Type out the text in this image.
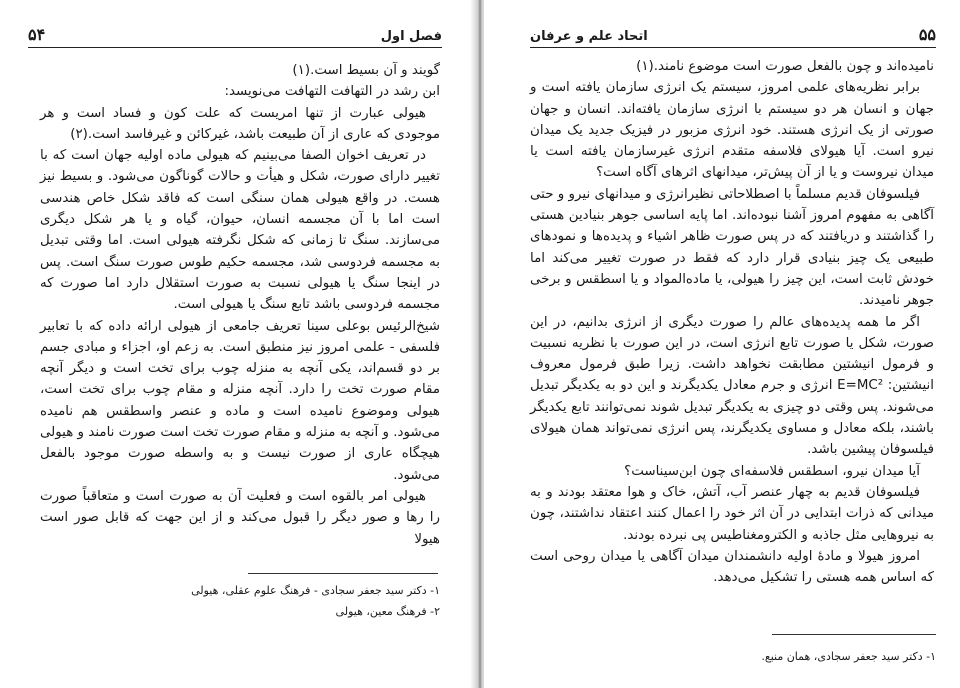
۵۴	فصل اول

گویند و آن بسیط است.(۱)

ابن رشد در التهافت التهافت می‌نویسد:

هیولی عبارت از تنها امریست که علت کون و فساد است و هر موجودی که عاری از آن طبیعت باشد، غیرکائن و غیرفاسد است.(۲)

در تعریف اخوان الصفا می‌بینیم که هیولی ماده اولیه جهان است که با تغییر دارای صورت، شکل و هیأت و حالات گوناگون می‌شود. و بسیط نیز هست. در واقع هیولی همان سنگی است که فاقد شکل خاص هندسی است اما با آن مجسمه انسان، حیوان، گیاه و یا هر شکل دیگری می‌سازند. سنگ تا زمانی که شکل نگرفته هیولی است. اما وقتی تبدیل به مجسمه فردوسی شد، مجسمه حکیم طوس صورت سنگ است. پس در اینجا سنگ یا هیولی نسبت به صورت استقلال دارد اما صورت که مجسمه فردوسی باشد تابع سنگ یا هیولی است.

شیخ‌الرئیس بوعلی سینا تعریف جامعی از هیولی ارائه داده که با تعابیر فلسفی - علمی امروز نیز منطبق است. به زعم او، اجزاء و مبادی جسم بر دو قسم‌اند، یکی آنچه به منزله چوب برای تخت است و دیگر آنچه مقام صورت تخت را دارد. آنچه منزله و مقام چوب برای تخت است، هیولی وموضوع نامیده است و ماده و عنصر واسطقس هم نامیده می‌شود. و آنچه به منزله و مقام صورت تخت است صورت نامند و هیولی هیچگاه عاری از صورت نیست و به واسطه صورت موجود بالفعل می‌شود.

هیولی امر بالقوه است و فعلیت آن به صورت است و متعاقباً صورت را رها و صور دیگر را قبول می‌کند و از این جهت که قابل صور است هیولا

۱- دکتر سید جعفر سجادی - فرهنگ علوم عقلی، هیولی
۲- فرهنگ معین، هیولی
اتحاد علم و عرفان	۵۵

نامیده‌اند و چون بالفعل صورت است موضوع نامند.(۱)

برابر نظریه‌های علمی امروز، سیستم یک انرژی سازمان یافته است و جهان و انسان هر دو سیستم با انرژی سازمان یافته‌اند. انسان و جهان صورتی از یک انرژی هستند. خود انرژی مزبور در فیزیک جدید یک میدان نیرو است. آیا هیولای فلاسفه متقدم انرژی غیرسازمان یافته است یا میدان نیروست و یا از آن پیش‌تر، میدانهای اثرهای آگاه است؟

فیلسوفان قدیم مسلماً با اصطلاحاتی نظیرانرژی و میدانهای نیرو و حتی آگاهی به مفهوم امروز آشنا نبوده‌اند. اما پایه اساسی جوهر بنیادین هستی را گذاشتند و دریافتند که در پس صورت ظاهر اشیاء و پدیده‌ها و نمودهای طبیعی یک چیز بنیادی قرار دارد که فقط در صورت تغییر می‌کند اما خودش ثابت است، این چیز را هیولی، یا ماده‌المواد و یا اسطقس و برخی جوهر نامیدند.

اگر ما همه پدیده‌های عالم را صورت دیگری از انرژی بدانیم، در این صورت، شکل یا صورت تابع انرژی است، در این صورت با نظریه نسبیت و فرمول انیشتین مطابقت نخواهد داشت. زیرا طبق فرمول معروف انیشتین: E=MC² انرژی و جرم معادل یکدیگرند و این دو به یکدیگر تبدیل می‌شوند. پس وقتی دو چیزی به یکدیگر تبدیل شوند نمی‌توانند تابع یکدیگر باشند، بلکه معادل و مساوی یکدیگرند، پس انرژی نمی‌تواند همان هیولای فیلسوفان پیشین باشد.

آیا میدان نیرو، اسطقس فلاسفه‌ای چون ابن‌سیناست؟

فیلسوفان قدیم به چهار عنصر آب، آتش، خاک و هوا معتقد بودند و به میدانی که ذرات ابتدایی در آن اثر خود را اعمال کنند اعتقاد نداشتند، چون به نیروهایی مثل جاذبه و الکترومغناطیس پی نبرده بودند.

امروز هیولا و مادهٔ اولیه دانشمندان میدان آگاهی یا میدان روحی است که اساس همه هستی را تشکیل می‌دهد.

۱- دکتر سید جعفر سجادی، همان منبع.
